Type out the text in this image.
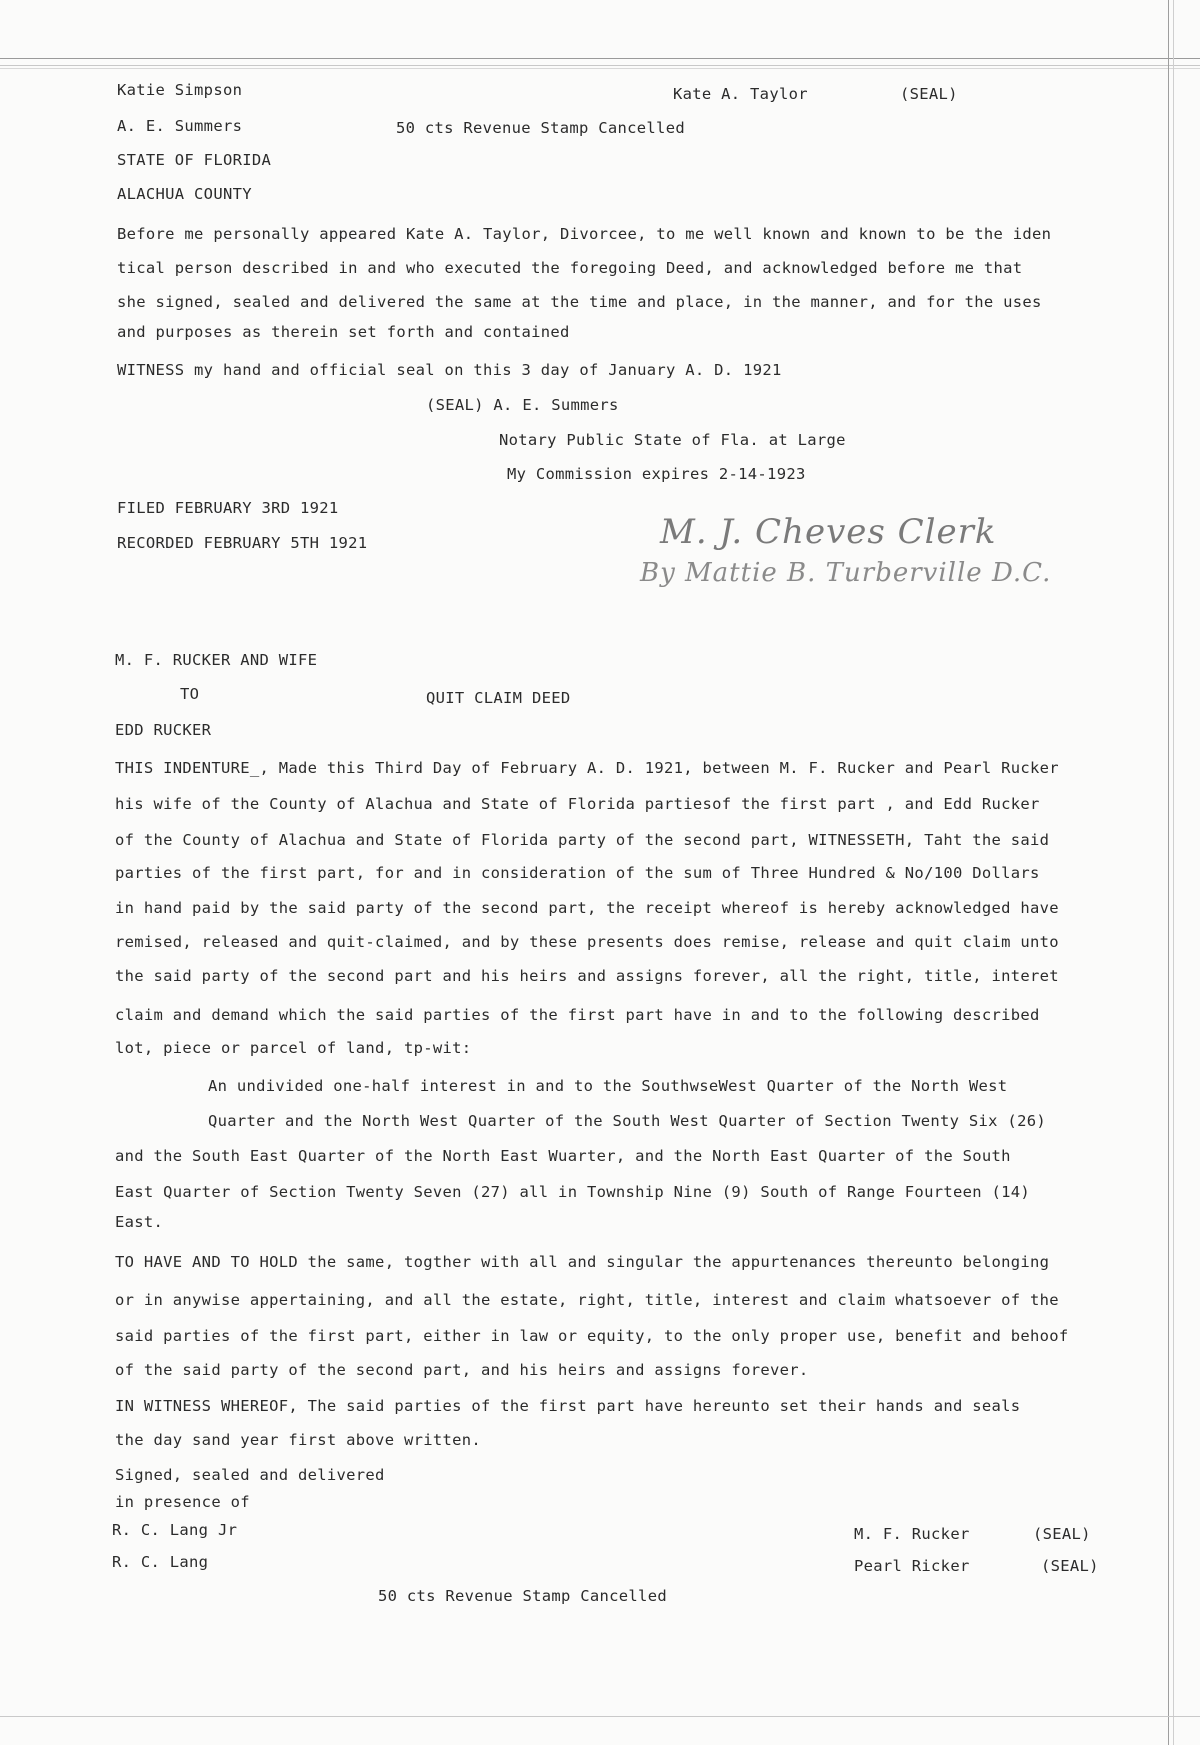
Katie Simpson	Kate A. Taylor	(SEAL)
A. E. Summers	50 cts Revenue Stamp Cancelled
STATE OF FLORIDA
ALACHUA COUNTY
Before me personally appeared Kate A. Taylor, Divorcee, to me well known and known to be the iden
tical person described in and who executed the foregoing Deed, and acknowledged before me that
she signed, sealed and delivered the same at the time and place, in the manner, and for the uses
and purposes as therein set forth and contained
WITNESS my hand and official seal on this 3 day of January A. D. 1921
(SEAL) A. E. Summers
Notary Public State of Fla. at Large
My Commission expires 2-14-1923
FILED FEBRUARY 3RD 1921
RECORDED FEBRUARY 5TH 1921	M. J. Cheves Clerk
By Mattie B. Turberville D.C.
M. F. RUCKER AND WIFE
TO	QUIT CLAIM DEED
EDD RUCKER
THIS INDENTURE_, Made this Third Day of February A. D. 1921, between M. F. Rucker and Pearl Rucker
his wife of the County of Alachua and State of Florida partiesof the first part , and Edd Rucker
of the County of Alachua and State of Florida party of the second part, WITNESSETH, Taht the said
parties of the first part, for and in consideration of the sum of Three Hundred & No/100 Dollars
in hand paid by the said party of the second part, the receipt whereof is hereby acknowledged have
remised, released and quit-claimed, and by these presents does remise, release and quit claim unto
the said party of the second part and his heirs and assigns forever, all the right, title, interet
claim and demand which the said parties of the first part have in and to the following described
lot, piece or parcel of land, tp-wit:
An undivided one-half interest in and to the SouthwseWest Quarter of the North West
Quarter and the North West Quarter of the South West Quarter of Section Twenty Six (26)
and the South East Quarter of the North East Wuarter, and the North East Quarter of the South
East Quarter of Section Twenty Seven (27) all in Township Nine (9) South of Range Fourteen (14)
East.
TO HAVE AND TO HOLD the same, togther with all and singular the appurtenances thereunto belonging
or in anywise appertaining, and all the estate, right, title, interest and claim whatsoever of the
said parties of the first part, either in law or equity, to the only proper use, benefit and behoof
of the said party of the second part, and his heirs and assigns forever.
IN WITNESS WHEREOF, The said parties of the first part have hereunto set their hands and seals
the day sand year first above written.
Signed, sealed and delivered
in presence of
R. C. Lang Jr
R. C. Lang
M. F. Rucker	(SEAL)
Pearl Ricker	(SEAL)
50 cts Revenue Stamp Cancelled
